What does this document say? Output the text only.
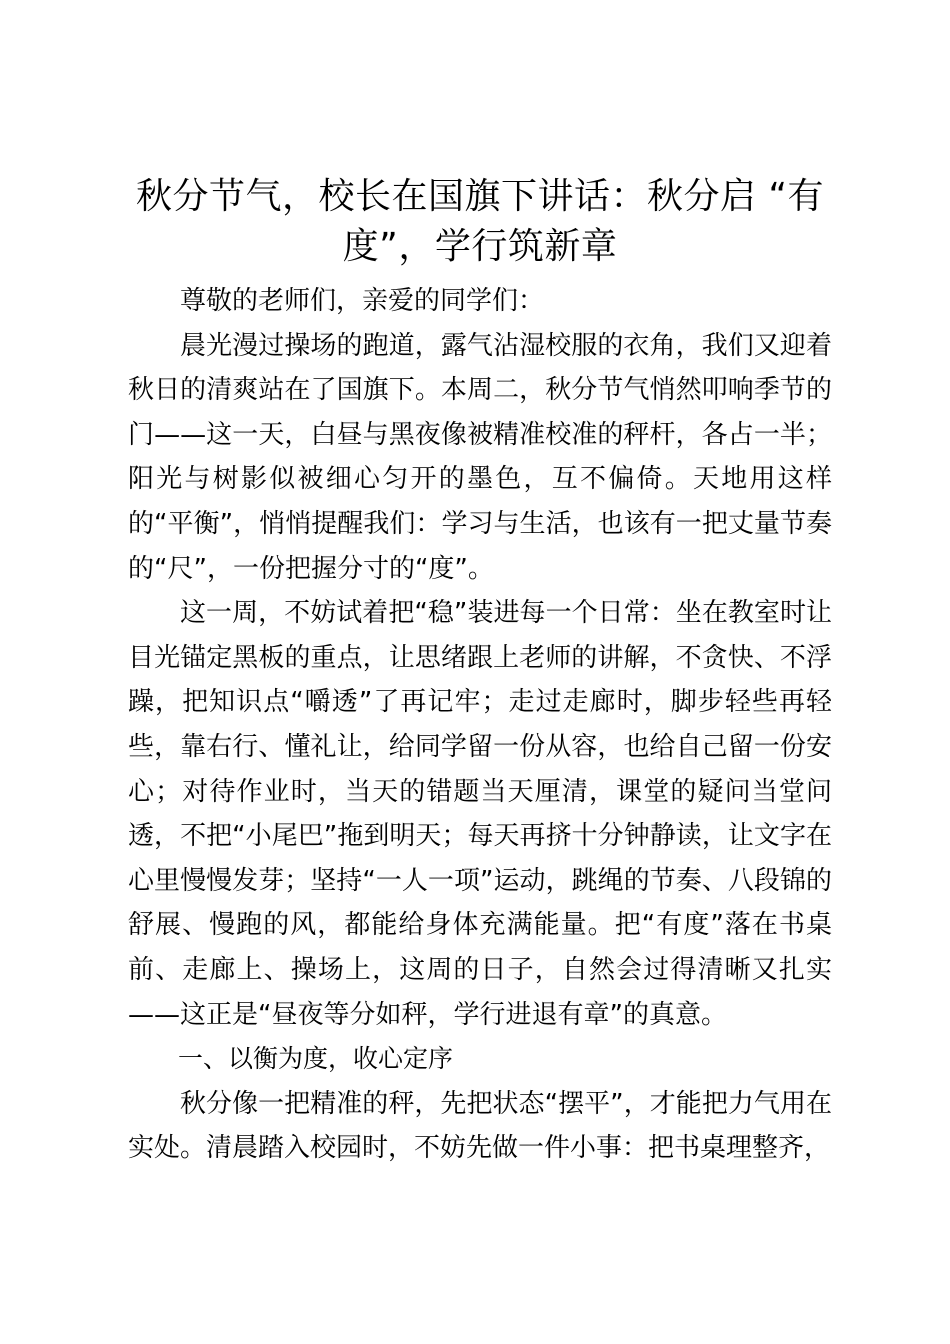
秋分节气，校长在国旗下讲话：秋分启 “有度”，学行筑新章

尊敬的老师们，亲爱的同学们：

晨光漫过操场的跑道，露气沾湿校服的衣角，我们又迎着秋日的清爽站在了国旗下。本周二，秋分节气悄然叩响季节的门——这一天，白昼与黑夜像被精准校准的秤杆，各占一半；阳光与树影似被细心匀开的墨色，互不偏倚。天地用这样的“平衡”，悄悄提醒我们：学习与生活，也该有一把丈量节奏的“尺”，一份把握分寸的“度”。

这一周，不妨试着把“稳”装进每一个日常：坐在教室时让目光锚定黑板的重点，让思绪跟上老师的讲解，不贪快、不浮躁，把知识点“嚼透”了再记牢；走过走廊时，脚步轻些再轻些，靠右行、懂礼让，给同学留一份从容，也给自己留一份安心；对待作业时，当天的错题当天厘清，课堂的疑问当堂问透，不把“小尾巴”拖到明天；每天再挤十分钟静读，让文字在心里慢慢发芽；坚持“一人一项”运动，跳绳的节奏、八段锦的舒展、慢跑的风，都能给身体充满能量。把“有度”落在书桌前、走廊上、操场上，这周的日子，自然会过得清晰又扎实——这正是“昼夜等分如秤，学行进退有章”的真意。

一、以衡为度，收心定序

秋分像一把精准的秤，先把状态“摆平”，才能把力气用在实处。清晨踏入校园时，不妨先做一件小事：把书桌理整齐，
